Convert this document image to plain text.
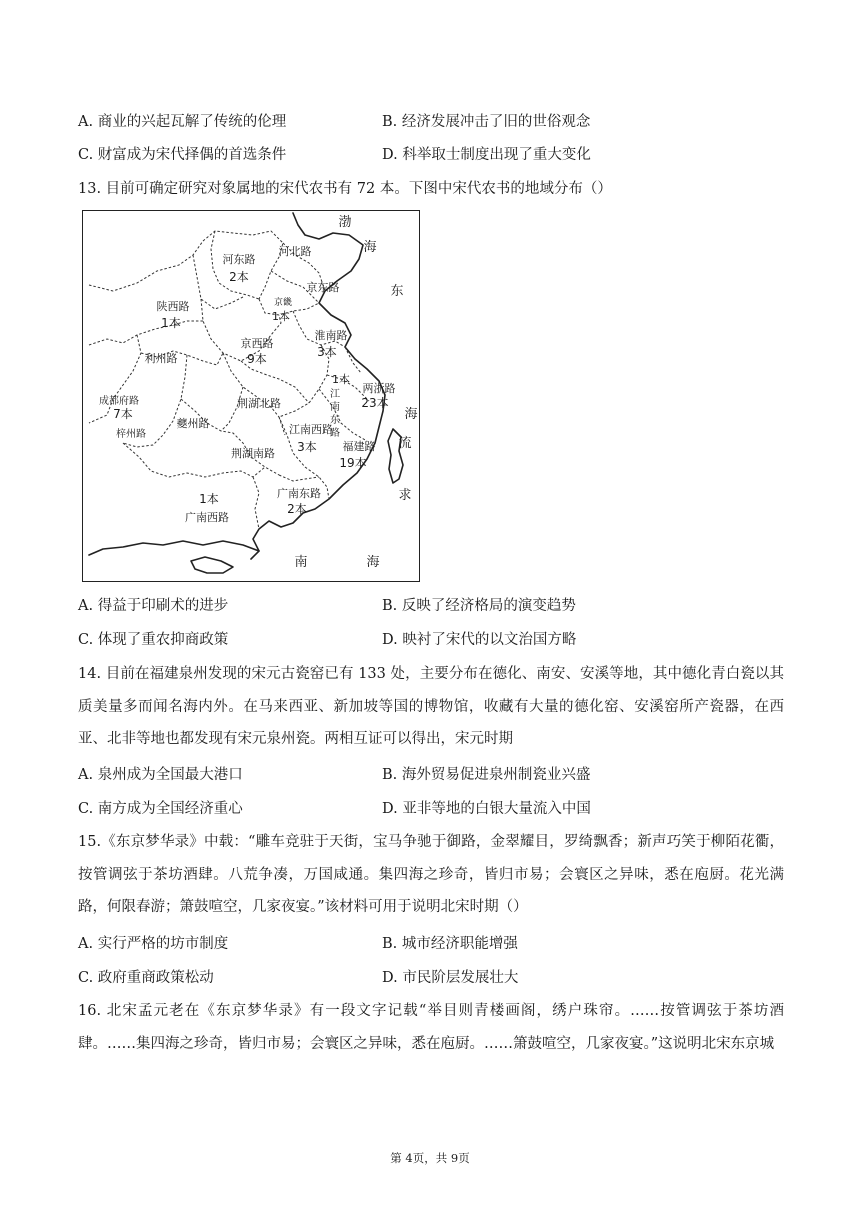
A. 商业的兴起瓦解了传统的伦理	B. 经济发展冲击了旧的世俗观念
C. 财富成为宋代择偶的首选条件	D. 科举取士制度出现了重大变化
13. 目前可确定研究对象属地的宋代农书有 72 本。下图中宋代农书的地域分布（）
渤
海
东
海
流
求
南	海
河东路
2本
河北路
京东路
陕西路
1本
京畿
1本
京西路
9本
淮南路
3本
利州路
成都府路
7本
梓州路
夔州路
荆湖北路
1本
江南东路
两浙路
23本
江南西路
3本 福建路
19本
荆湖南路
1本
广南西路
广南东路
2本
A. 得益于印刷术的进步	B. 反映了经济格局的演变趋势
C. 体现了重农抑商政策	D. 映衬了宋代的以文治国方略
14. 目前在福建泉州发现的宋元古瓷窑已有 133 处，主要分布在德化、南安、安溪等地，其中德化青白瓷以其质美量多而闻名海内外。在马来西亚、新加坡等国的博物馆，收藏有大量的德化窑、安溪窑所产瓷器，在西亚、北非等地也都发现有宋元泉州瓷。两相互证可以得出，宋元时期
A. 泉州成为全国最大港口	B. 海外贸易促进泉州制瓷业兴盛
C. 南方成为全国经济重心	D. 亚非等地的白银大量流入中国
15.《东京梦华录》中载：“雕车竞驻于天街，宝马争驰于御路，金翠耀目，罗绮飘香；新声巧笑于柳陌花衢，按管调弦于茶坊酒肆。八荒争凑，万国咸通。集四海之珍奇，皆归市易；会寰区之异味，悉在庖厨。花光满路，何限春游；箫鼓喧空，几家夜宴。”该材料可用于说明北宋时期（）
A. 实行严格的坊市制度	B. 城市经济职能增强
C. 政府重商政策松动	D. 市民阶层发展壮大
16. 北宋孟元老在《东京梦华录》有一段文字记载“举目则青楼画阁，绣户珠帘。……按管调弦于茶坊酒肆。……集四海之珍奇，皆归市易；会寰区之异味，悉在庖厨。……箫鼓喧空，几家夜宴。”这说明北宋东京城
第 4页，共 9页
